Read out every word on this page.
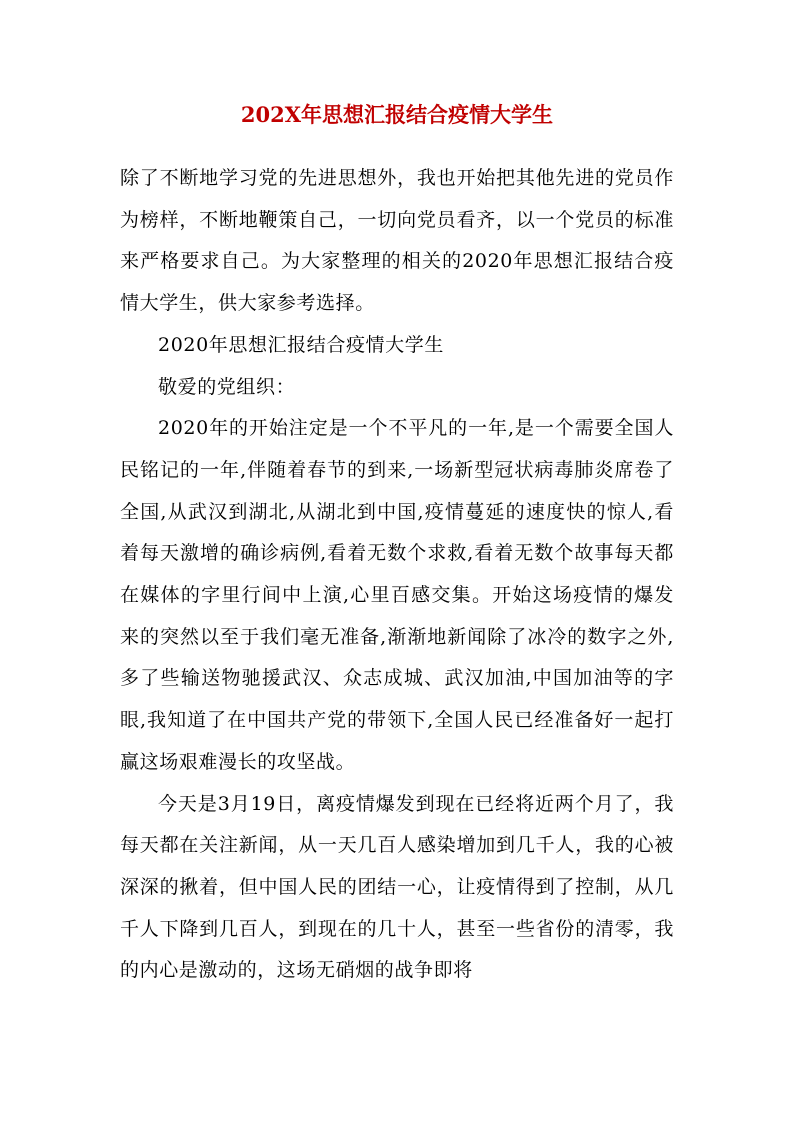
202X年思想汇报结合疫情大学生

除了不断地学习党的先进思想外，我也开始把其他先进的党员作为榜样，不断地鞭策自己，一切向党员看齐，以一个党员的标准来严格要求自己。为大家整理的相关的2020年思想汇报结合疫情大学生，供大家参考选择。

2020年思想汇报结合疫情大学生

敬爱的党组织：

2020年的开始注定是一个不平凡的一年,是一个需要全国人民铭记的一年,伴随着春节的到来,一场新型冠状病毒肺炎席卷了全国,从武汉到湖北,从湖北到中国,疫情蔓延的速度快的惊人,看着每天激增的确诊病例,看着无数个求救,看着无数个故事每天都在媒体的字里行间中上演,心里百感交集。开始这场疫情的爆发来的突然以至于我们毫无准备,渐渐地新闻除了冰冷的数字之外,多了些输送物驰援武汉、众志成城、武汉加油,中国加油等的字眼,我知道了在中国共产党的带领下,全国人民已经准备好一起打赢这场艰难漫长的攻坚战。

今天是3月19日，离疫情爆发到现在已经将近两个月了，我每天都在关注新闻，从一天几百人感染增加到几千人，我的心被深深的揪着，但中国人民的团结一心，让疫情得到了控制，从几千人下降到几百人，到现在的几十人，甚至一些省份的清零，我的内心是激动的，这场无硝烟的战争即将
